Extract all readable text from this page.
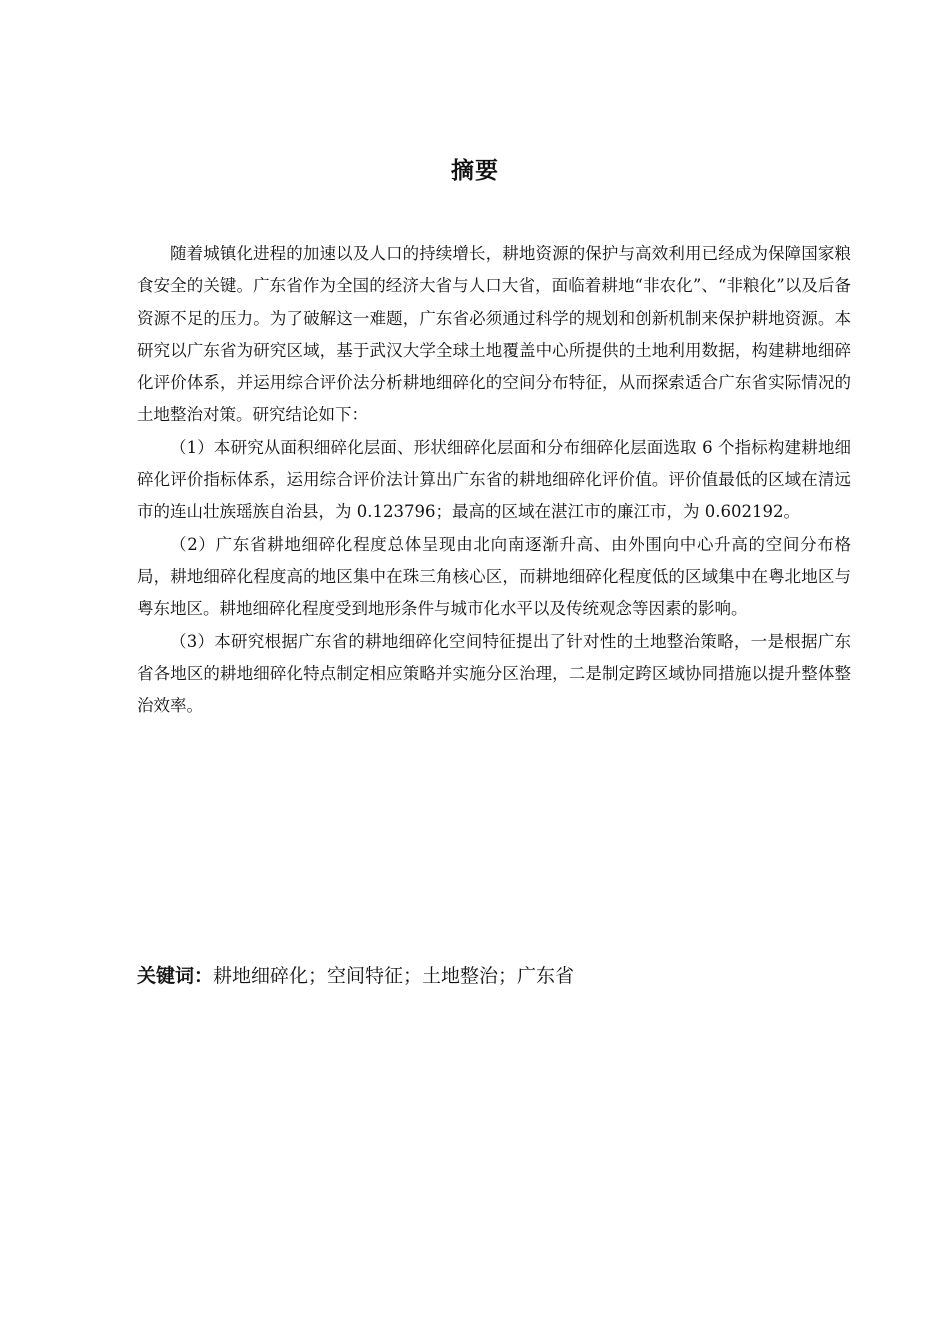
摘要

随着城镇化进程的加速以及人口的持续增长，耕地资源的保护与高效利用已经成为保障国家粮食安全的关键。广东省作为全国的经济大省与人口大省，面临着耕地“非农化”、“非粮化”以及后备资源不足的压力。为了破解这一难题，广东省必须通过科学的规划和创新机制来保护耕地资源。本研究以广东省为研究区域，基于武汉大学全球土地覆盖中心所提供的土地利用数据，构建耕地细碎化评价体系，并运用综合评价法分析耕地细碎化的空间分布特征，从而探索适合广东省实际情况的土地整治对策。研究结论如下：

（1）本研究从面积细碎化层面、形状细碎化层面和分布细碎化层面选取 6 个指标构建耕地细碎化评价指标体系，运用综合评价法计算出广东省的耕地细碎化评价值。评价值最低的区域在清远市的连山壮族瑶族自治县，为 0.123796；最高的区域在湛江市的廉江市，为 0.602192。

（2）广东省耕地细碎化程度总体呈现由北向南逐渐升高、由外围向中心升高的空间分布格局，耕地细碎化程度高的地区集中在珠三角核心区，而耕地细碎化程度低的区域集中在粤北地区与粤东地区。耕地细碎化程度受到地形条件与城市化水平以及传统观念等因素的影响。

（3）本研究根据广东省的耕地细碎化空间特征提出了针对性的土地整治策略，一是根据广东省各地区的耕地细碎化特点制定相应策略并实施分区治理，二是制定跨区域协同措施以提升整体整治效率。

关键词：耕地细碎化；空间特征；土地整治；广东省
